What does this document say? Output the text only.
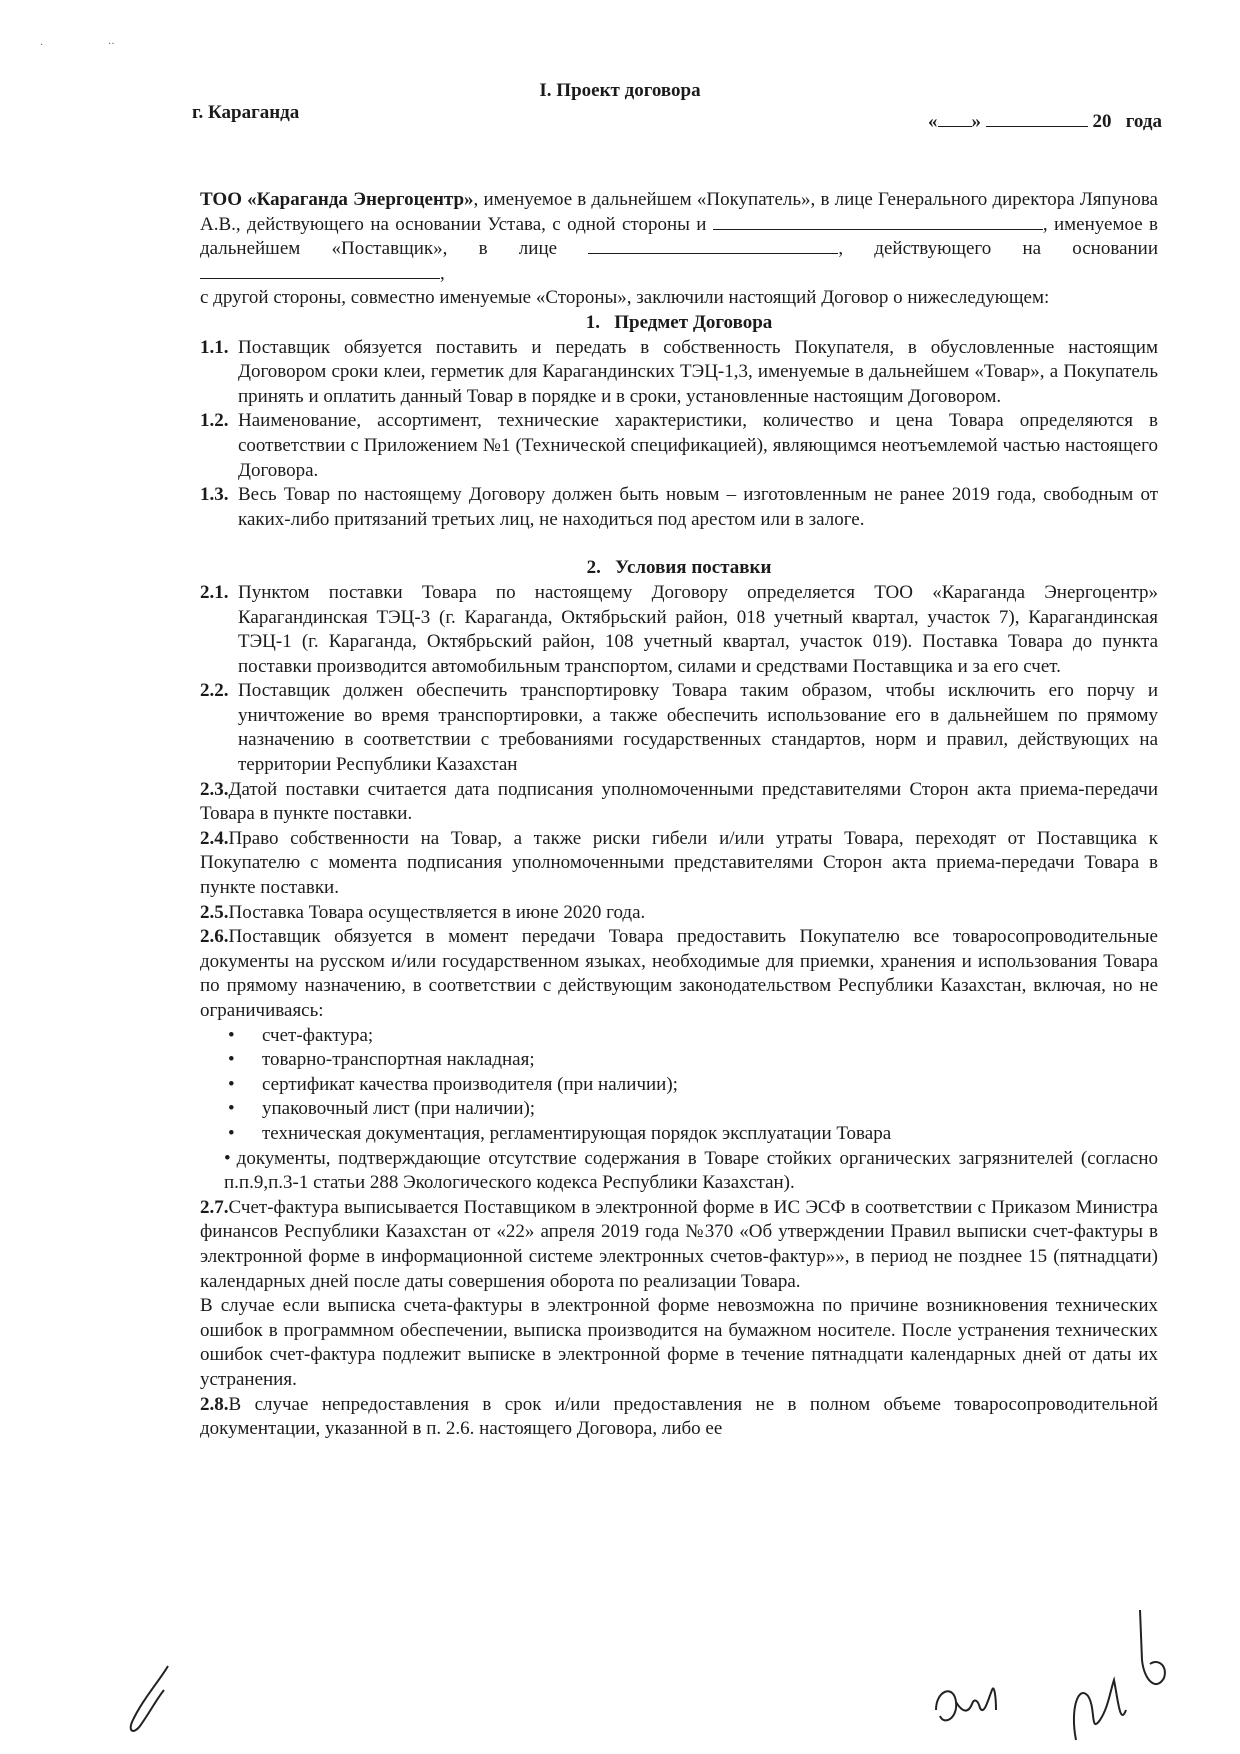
·	‥
I. Проект договора
г. Караганда	« »	20   года

ТОО «Караганда Энергоцентр», именуемое в дальнейшем «Покупатель», в лице Генерального директора Ляпунова А.В., действующего на основании Устава, с одной стороны и	, именуемое в дальнейшем «Поставщик», в лице	, действующего на основании ,

с другой стороны, совместно именуемые «Стороны», заключили настоящий Договор о нижеследующем:

1.   Предмет Договора

1.1. Поставщик обязуется поставить и передать в собственность Покупателя, в обусловленные настоящим Договором сроки клеи, герметик для Карагандинских ТЭЦ-1,3, именуемые в дальнейшем «Товар», а Покупатель принять и оплатить данный Товар в порядке и в сроки, установленные настоящим Договором.
1.2. Наименование, ассортимент, технические характеристики, количество и цена Товара определяются в соответствии с Приложением №1 (Технической спецификацией), являющимся неотъемлемой частью настоящего Договора.
1.3. Весь Товар по настоящему Договору должен быть новым – изготовленным не ранее 2019 года, свободным от каких-либо притязаний третьих лиц, не находиться под арестом или в залоге.

2.   Условия поставки

2.1. Пунктом поставки Товара по настоящему Договору определяется ТОО «Караганда Энергоцентр» Карагандинская ТЭЦ-3 (г. Караганда, Октябрьский район, 018 учетный квартал, участок 7), Карагандинская ТЭЦ-1 (г. Караганда, Октябрьский район, 108 учетный квартал, участок 019). Поставка Товара до пункта поставки производится автомобильным транспортом, силами и средствами Поставщика и за его счет.
2.2. Поставщик должен обеспечить транспортировку Товара таким образом, чтобы исключить его порчу и уничтожение во время транспортировки, а также обеспечить использование его в дальнейшем по прямому назначению в соответствии с требованиями государственных стандартов, норм и правил, действующих на территории Республики Казахстан

2.3.Датой поставки считается дата подписания уполномоченными представителями Сторон акта приема-передачи Товара в пункте поставки.

2.4.Право собственности на Товар, а также риски гибели и/или утраты Товара, переходят от Поставщика к Покупателю с момента подписания уполномоченными представителями Сторон акта приема-передачи Товара в пункте поставки.

2.5.Поставка Товара осуществляется в июне 2020 года.

2.6.Поставщик обязуется в момент передачи Товара предоставить Покупателю все товаросопроводительные документы на русском и/или государственном языках, необходимые для приемки, хранения и использования Товара по прямому назначению, в соответствии с действующим законодательством Республики Казахстан, включая, но не ограничиваясь:

• счет-фактура;
• товарно-транспортная накладная;
• сертификат качества производителя (при наличии);
• упаковочный лист (при наличии);
• техническая документация, регламентирующая порядок эксплуатации Товара

• документы, подтверждающие отсутствие содержания в Товаре стойких органических загрязнителей (согласно п.п.9,п.3-1 статьи 288 Экологического кодекса Республики Казахстан).

2.7.Счет-фактура выписывается Поставщиком в электронной форме в ИС ЭСФ в соответствии с Приказом Министра финансов Республики Казахстан от «22» апреля 2019 года №370 «Об утверждении Правил выписки счет-фактуры в электронной форме в информационной системе электронных счетов-фактур»», в период не позднее 15 (пятнадцати) календарных дней после даты совершения оборота по реализации Товара.

В случае если выписка счета-фактуры в электронной форме невозможна по причине возникновения технических ошибок в программном обеспечении, выписка производится на бумажном носителе. После устранения технических ошибок счет-фактура подлежит выписке в электронной форме в течение пятнадцати календарных дней от даты их устранения.

2.8.В случае непредоставления в срок и/или предоставления не в полном объеме товаросопроводительной документации, указанной в п. 2.6. настоящего Договора, либо ее
